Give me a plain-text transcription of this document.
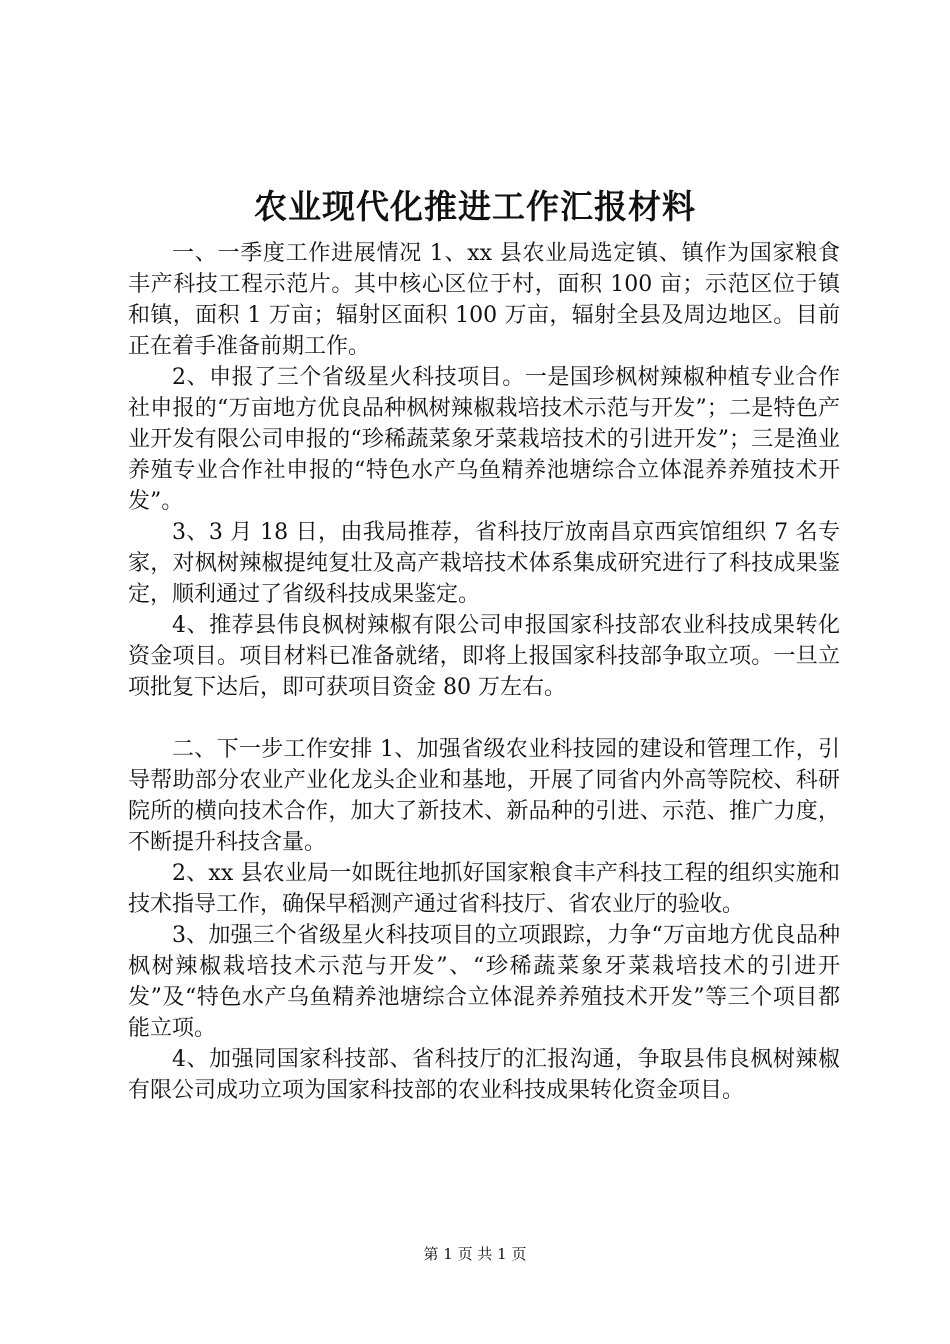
农业现代化推进工作汇报材料

一、一季度工作进展情况 1、xx 县农业局选定镇、镇作为国家粮食丰产科技工程示范片。其中核心区位于村，面积 100 亩；示范区位于镇和镇，面积 1 万亩；辐射区面积 100 万亩，辐射全县及周边地区。目前正在着手准备前期工作。

2、申报了三个省级星火科技项目。一是国珍枫树辣椒种植专业合作社申报的“万亩地方优良品种枫树辣椒栽培技术示范与开发”；二是特色产业开发有限公司申报的“珍稀蔬菜象牙菜栽培技术的引进开发”；三是渔业养殖专业合作社申报的“特色水产乌鱼精养池塘综合立体混养养殖技术开发”。

3、3 月 18 日，由我局推荐，省科技厅放南昌京西宾馆组织 7 名专家，对枫树辣椒提纯复壮及高产栽培技术体系集成研究进行了科技成果鉴定，顺利通过了省级科技成果鉴定。

4、推荐县伟良枫树辣椒有限公司申报国家科技部农业科技成果转化资金项目。项目材料已准备就绪，即将上报国家科技部争取立项。一旦立项批复下达后，即可获项目资金 80 万左右。

二、下一步工作安排 1、加强省级农业科技园的建设和管理工作，引导帮助部分农业产业化龙头企业和基地，开展了同省内外高等院校、科研院所的横向技术合作，加大了新技术、新品种的引进、示范、推广力度，不断提升科技含量。

2、xx 县农业局一如既往地抓好国家粮食丰产科技工程的组织实施和技术指导工作，确保早稻测产通过省科技厅、省农业厅的验收。

3、加强三个省级星火科技项目的立项跟踪，力争“万亩地方优良品种枫树辣椒栽培技术示范与开发”、“珍稀蔬菜象牙菜栽培技术的引进开发”及“特色水产乌鱼精养池塘综合立体混养养殖技术开发”等三个项目都能立项。

4、加强同国家科技部、省科技厅的汇报沟通，争取县伟良枫树辣椒有限公司成功立项为国家科技部的农业科技成果转化资金项目。

第 1 页 共 1 页
